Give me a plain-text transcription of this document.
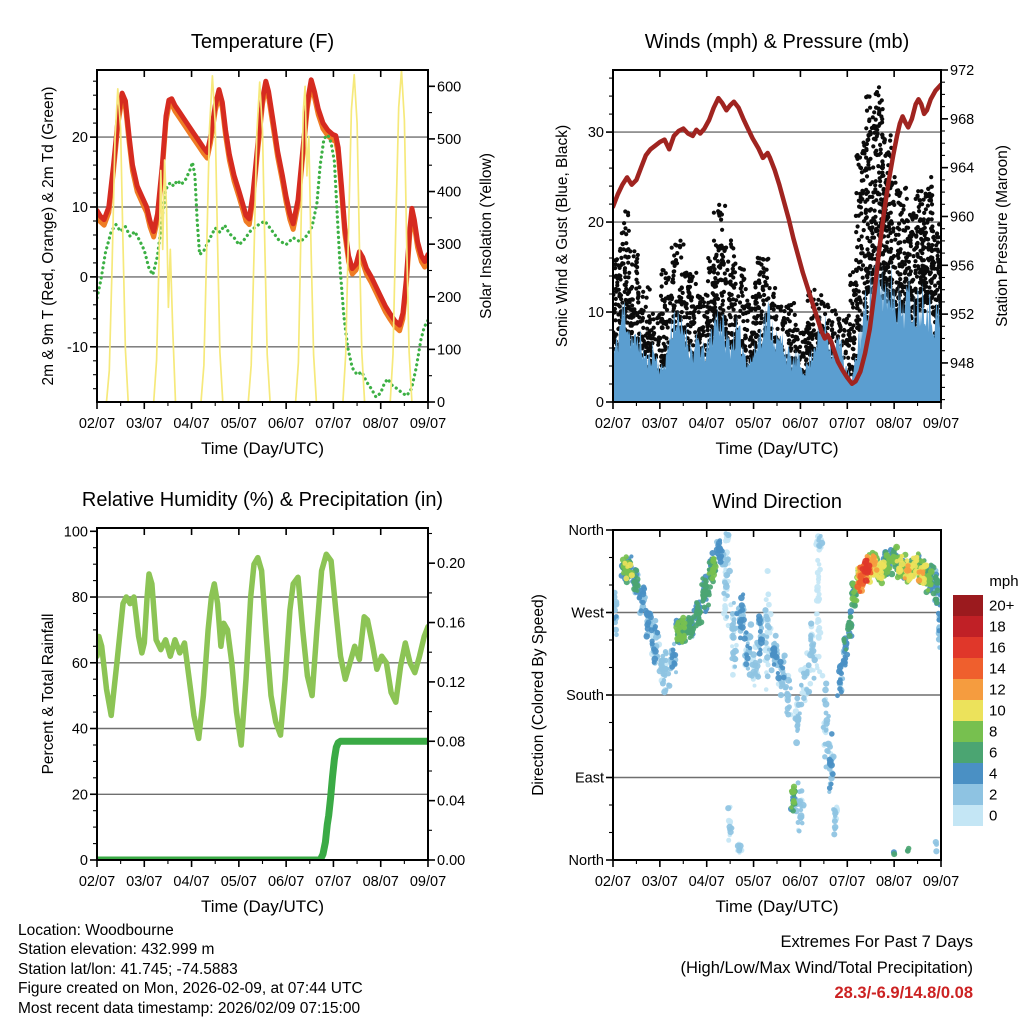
02/07 03/07 04/07 05/07 06/07 07/07 08/07 09/07
-10
0
10
20
0
100
200
300
400
500
600
Temperature (F)
Time (Day/UTC)
2m & 9m T (Red, Orange) & 2m Td (Green)	Solar Insolation (Yellow)
02/07 03/07 04/07 05/07 06/07 07/07 08/07 09/07
0
10
20
30
948
952
956
960
964
968
972
Winds (mph) & Pressure (mb)
Time (Day/UTC)
Sonic Wind & Gust (Blue, Black)	Station Pressure (Maroon)
02/07 03/07 04/07 05/07 06/07 07/07 08/07 09/07
0
20
40
60
80
100
0.00
0.04
0.08
0.12
0.16
0.20
Relative Humidity (%) & Precipitation (in)
Time (Day/UTC)
Percent & Total Rainfall
02/07 03/07 04/07 05/07 06/07 07/07 08/07 09/07
North
West
South
East
North
Wind Direction
Time (Day/UTC)
Direction (Colored By Speed)
mph
20+
18
16
14
12
10
8
6
4
2
0
Location: Woodbourne
Station elevation: 432.999 m
Station lat/lon: 41.745; -74.5883
Figure created on Mon, 2026-02-09, at 07:44 UTC
Most recent data timestamp: 2026/02/09 07:15:00
Extremes For Past 7 Days
(High/Low/Max Wind/Total Precipitation)
28.3/-6.9/14.8/0.08
